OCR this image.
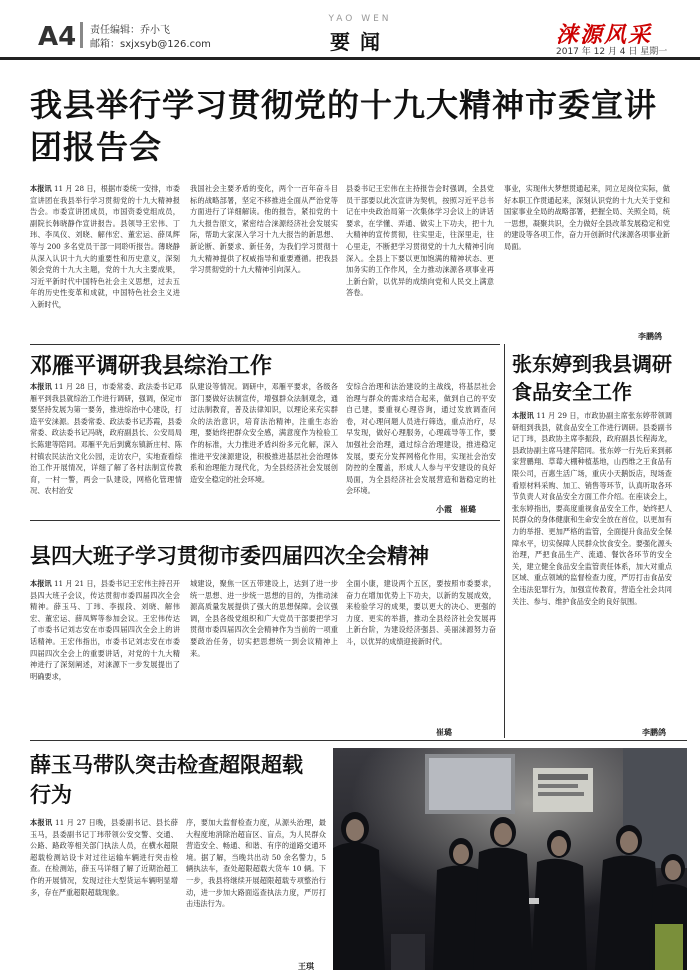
A4 责任编辑：乔小飞
邮箱：sxjxsyb@126.com
YAO WEN
要闻	涞源风采
2017 年 12 月 4 日 星期一
我县举行学习贯彻党的十九大精神市委宣讲团报告会
本报讯 11 月 28 日，根据市委统一安排，市委宣讲团在我县举行学习贯彻党的十九大精神报告会。市委宣讲团成员，市国资委党组成员，副院长韩晓静作宣讲报告。县领导王宏伟、丁玮、李凤仪、刘晓、解伟宏、董宏运、薛凤辉等与 200 多名党员干部一同聆听报告。薄晓静从深入认识十九大的重要性和历史意义，深刻领会党的十九大主题，党的十九大主要成果，习近平新时代中国特色社会主义思想，过去五年的历史性变革和成就，中国特色社会主义进入新时代，
我国社会主要矛盾的变化，两个一百年奋斗目标的战略部署，坚定不移推进全面从严治党等方面进行了详细解读。他的报告，紧扣党的十九大报告原文，紧密结合涞源经济社会发展实际，帮助大家深入学习十九大报告的新思想、新论断、新要求、新任务，为我们学习贯彻十九大精神提供了权威指导和重要遵循。把我县学习贯彻党的十九大精神引向深入。
县委书记王宏伟在主持报告会时强调，全县党员干部要以此次宣讲为契机，按照习近平总书记在中央政治局第一次集体学习会议上的讲话要求，在学懂、弄通、做实上下功夫，把十九大精神的宣传贯彻，往实里走，往深里走，往心里走，不断把学习贯彻党的十九大精神引向深入。全县上下要以更加饱满的精神状态、更加务实的工作作风，全力推动涞源各项事业再上新台阶，以优异的成绩向党和人民交上满意答卷。
事业，实现伟大梦想贯通起来，同立足岗位实际，做好本职工作贯通起来，深刻认识党的十九大关于党和国家事业全局的战略部署，把握全局、关照全局，统一思想，凝聚共识，全力做好全县改革发展稳定和党的建设等各项工作，奋力开创新时代涞源各项事业新局面。
李鹏鸽
邓雁平调研我县综治工作
本报讯 11 月 28 日，市委常委、政法委书记邓雁平到我县就综治工作进行调研，强调，保定市要坚持发展为第一要务，推进综治中心建设，打造平安涞源。县委常委、政法委书记苏霞，县委常委、政法委书记冯晓，政府副县长、公安局局长陈建等陪同。邓雁平先后到冀东镇新庄村、陈村镇农民法治文化公园，走访农户，实地查看综治工作开展情况，详细了解了各村法制宣传教育，一村一警，两会一队建设，网格化管理情况、农村治安
队建设等情况。调研中，邓雁平要求，各级各部门要做好法制宣传，增强群众法制观念，通过法制教育，普及法律知识，以理论来充实群众的法治意识，培育法治精神，注重生态治理，要始终把群众安全感，满意度作为检验工作的标准，大力推进矛盾纠纷多元化解，深入推进平安涞源建设，积极推进基层社会治理体系和治理能力现代化，为全县经济社会发展创造安全稳定的社会环境。
安综合治理和法治建设的主战线，将基层社会治理与群众的需求结合起来，做到自己的平安自己建，要重视心理咨询，通过发放调查问卷，对心理问题人员进行筛选，重点治疗，尽早发现，做好心理服务，心理疏导等工作，要加强社会治理，通过综合治理建设，推进稳定发展，要充分发挥网格化作用，实现社会治安防控的全覆盖，形成人人参与平安建设的良好局面，为全县经济社会发展营造和谐稳定的社会环境。
小霞　崔璐
张东婷到我县调研食品安全工作
本报讯 11 月 29 日，市政协副主席张东婷带领调研组到我县，就食品安全工作进行调研。县委副书记丁玮，县政协主席李振段，政府副县长程海龙，县政协副主席马建萍陪同。张东婷一行先后来到郝家营鹏翔、草莓大棚种植基地，山西维之王食品有限公司，百惠生活广场，重庆小天鹅饭店，现场查看原材料采购、加工、销售等环节，认真听取各环节负责人对食品安全方面工作介绍。在座谈会上，张东婷指出，要高度重视食品安全工作，始终把人民群众的身体健康和生命安全放在首位，以更加有力的举措、更加严格的监管，全面提升食品安全保障水平，切实保障人民群众饮食安全。要强化源头治理，严把食品生产、流通、餐饮各环节的安全关，建立健全食品安全监管责任体系，加大对重点区域、重点领域的监督检查力度，严厉打击食品安全违法犯罪行为，加强宣传教育，营造全社会共同关注、参与、维护食品安全的良好氛围。
李鹏鸽
县四大班子学习贯彻市委四届四次全会精神
本报讯 11 月 21 日，县委书记王宏伟主持召开县四大班子会议，传达贯彻市委四届四次全会精神。薛玉马、丁玮、李振段、刘晓、解伟宏、董宏运、薛凤辉等参加会议。王宏伟传达了市委书记刘志安在市委四届四次全会上的讲话精神。王宏伟指出，市委书记刘志安在市委四届四次全会上的重要讲话，对党的十九大精神进行了深刻阐述，对涞源下一步发展提出了明确要求，
城建设，聚焦一区五带建设上，达到了进一步统一思想、进一步统一思想的目的，为推动涞源高质量发展提供了强大的思想保障。会议强调，全县各级党组织和广大党员干部要把学习贯彻市委四届四次全会精神作为当前的一项重要政治任务，切实把思想统一到会议精神上来。
全面小康，建设两个五区，要按照市委要求，奋力在增加优势上下功夫，以新的发展成效，来检验学习的成果，要以更大的决心、更强的力度、更实的举措，推动全县经济社会发展再上新台阶，为建设经济强县、美丽涞源努力奋斗，以优异的成绩迎接新时代。
崔璐
薛玉马带队突击检查超限超载行为
本报讯 11 月 27 日晚，县委副书记、县长薛玉马，县委副书记丁玮带领公安交警、交通、公路、路政等相关部门执法人员，在横水超限超载检测站设卡对过往运输车辆进行突击检查。在检测站，薛玉马详细了解了近期治超工作的开展情况，发现过往大型货运车辆明显增多，存在严重超限超载现象。
序，要加大监督检查力度，从源头治理，最大程度地消除治超盲区、盲点，为人民群众营造安全、畅通、和谐、有序的道路交通环境。据了解，当晚共出动 50 余名警力，5 辆执法车，查处超限超载大货车 10 辆。下一步，我县将继续开展超限超载专项整治行动，进一步加大路面巡查执法力度，严厉打击违法行为。
王琪
